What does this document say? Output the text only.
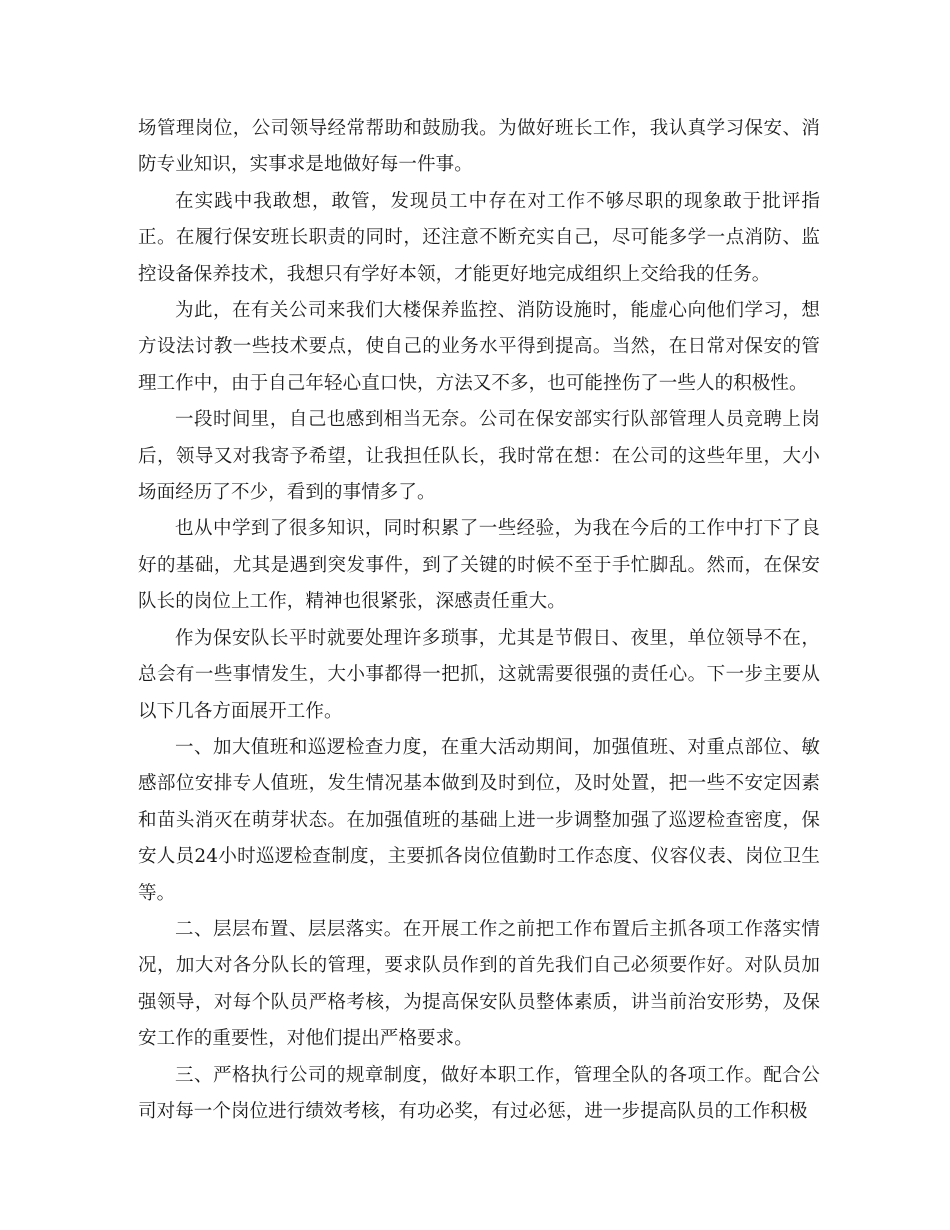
场管理岗位，公司领导经常帮助和鼓励我。为做好班长工作，我认真学习保安、消防专业知识，实事求是地做好每一件事。

在实践中我敢想，敢管，发现员工中存在对工作不够尽职的现象敢于批评指正。在履行保安班长职责的同时，还注意不断充实自己，尽可能多学一点消防、监控设备保养技术，我想只有学好本领，才能更好地完成组织上交给我的任务。

为此，在有关公司来我们大楼保养监控、消防设施时，能虚心向他们学习，想方设法讨教一些技术要点，使自己的业务水平得到提高。当然，在日常对保安的管理工作中，由于自己年轻心直口快，方法又不多，也可能挫伤了一些人的积极性。

一段时间里，自己也感到相当无奈。公司在保安部实行队部管理人员竞聘上岗后，领导又对我寄予希望，让我担任队长，我时常在想：在公司的这些年里，大小场面经历了不少，看到的事情多了。

也从中学到了很多知识，同时积累了一些经验，为我在今后的工作中打下了良好的基础，尤其是遇到突发事件，到了关键的时候不至于手忙脚乱。然而，在保安队长的岗位上工作，精神也很紧张，深感责任重大。

作为保安队长平时就要处理许多琐事，尤其是节假日、夜里，单位领导不在，总会有一些事情发生，大小事都得一把抓，这就需要很强的责任心。下一步主要从以下几各方面展开工作。

一、加大值班和巡逻检查力度，在重大活动期间，加强值班、对重点部位、敏感部位安排专人值班，发生情况基本做到及时到位，及时处置，把一些不安定因素和苗头消灭在萌芽状态。在加强值班的基础上进一步调整加强了巡逻检查密度，保安人员24小时巡逻检查制度，主要抓各岗位值勤时工作态度、仪容仪表、岗位卫生等。

二、层层布置、层层落实。在开展工作之前把工作布置后主抓各项工作落实情况，加大对各分队长的管理，要求队员作到的首先我们自己必须要作好。对队员加强领导，对每个队员严格考核，为提高保安队员整体素质，讲当前治安形势，及保安工作的重要性，对他们提出严格要求。

三、严格执行公司的规章制度，做好本职工作，管理全队的各项工作。配合公司对每一个岗位进行绩效考核，有功必奖，有过必惩，进一步提高队员的工作积极
